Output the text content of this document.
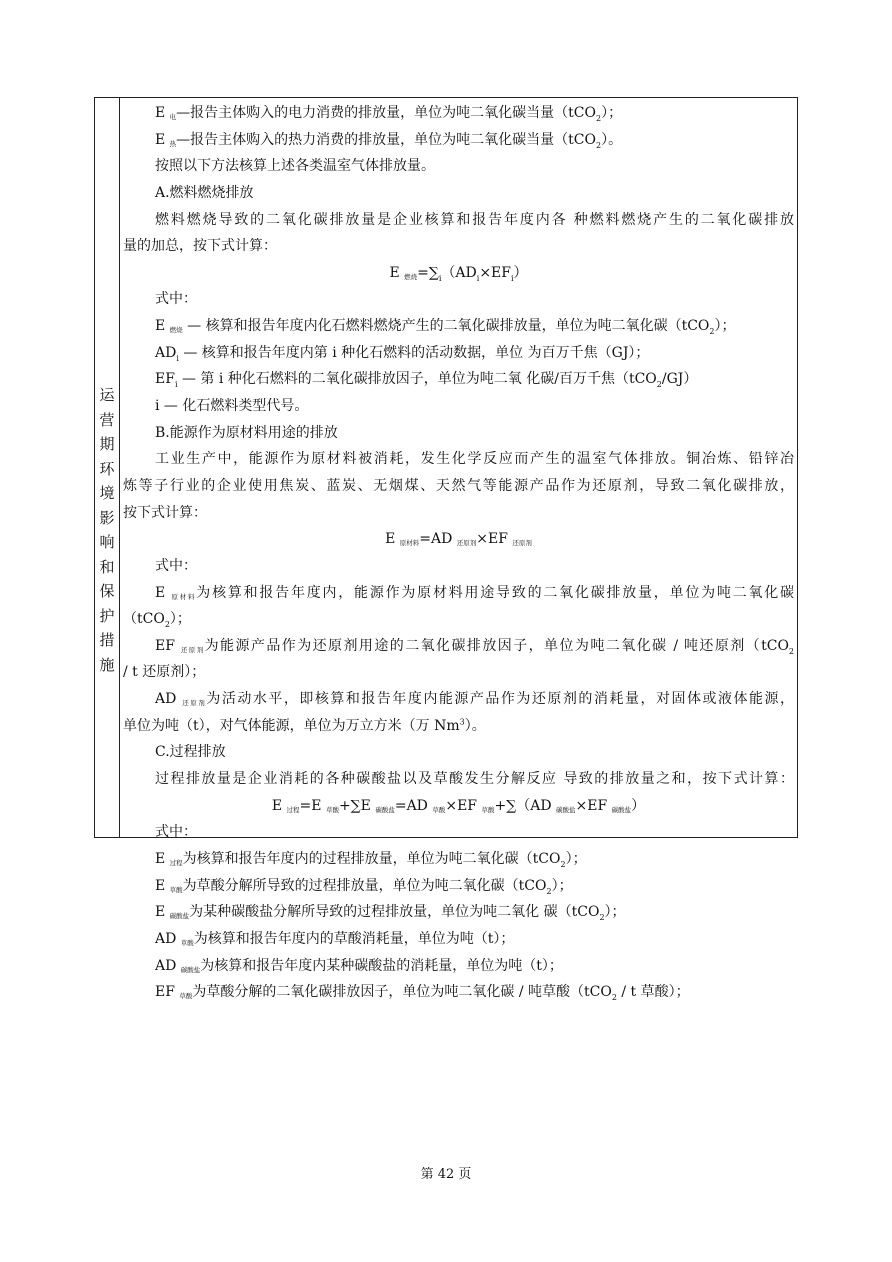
运
营
期
环
境
影
响
和
保
护
措
施
E 电—报告主体购入的电力消费的排放量，单位为吨二氧化碳当量（tCO$_2$）；
E 热—报告主体购入的热力消费的排放量，单位为吨二氧化碳当量（tCO$_2$）。
按照以下方法核算上述各类温室气体排放量。
A.燃料燃烧排放
燃料燃烧导致的二氧化碳排放量是企业核算和报告年度内各 种燃料燃烧产生的二氧化碳排放
量的加总，按下式计算：
E 燃烧$=\sum_i(AD_i\times EF_i)$
式中：
E 燃烧 — 核算和报告年度内化石燃料燃烧产生的二氧化碳排放量，单位为吨二氧化碳（tCO$_2$）；
$AD_i$ — 核算和报告年度内第 i 种化石燃料的活动数据，单位 为百万千焦（GJ）；
$EF_i$ — 第 i 种化石燃料的二氧化碳排放因子，单位为吨二氧 化碳/百万千焦（tCO$_2$/GJ）
i — 化石燃料类型代号。
B.能源作为原材料用途的排放
工业生产中，能源作为原材料被消耗，发生化学反应而产生的温室气体排放。铜冶炼、铅锌冶
炼等子行业的企业使用焦炭、蓝炭、无烟煤、天然气等能源产品作为还原剂，导致二氧化碳排放，
按下式计算：
E 原材料=AD 还原剂×EF 还原剂
式中：
E 原材料为核算和报告年度内，能源作为原材料用途导致的二氧化碳排放量，单位为吨二氧化碳
（tCO$_2$）；
EF 还原剂为能源产品作为还原剂用途的二氧化碳排放因子，单位为吨二氧化碳 / 吨还原剂（tCO$_2$
/ t 还原剂）；
AD 还原剂为活动水平，即核算和报告年度内能源产品作为还原剂的消耗量，对固体或液体能源，
单位为吨（t），对气体能源，单位为万立方米（万 Nm$^3$）。
C.过程排放
过程排放量是企业消耗的各种碳酸盐以及草酸发生分解反应 导致的排放量之和，按下式计算：
E 过程=E 草酸+∑E 碳酸盐=AD 草酸×EF 草酸+∑（AD 碳酸盐×EF 碳酸盐）
式中：
E 过程为核算和报告年度内的过程排放量，单位为吨二氧化碳（tCO$_2$）；
E 草酸为草酸分解所导致的过程排放量，单位为吨二氧化碳（tCO$_2$）；
E 碳酸盐为某种碳酸盐分解所导致的过程排放量，单位为吨二氧化 碳（tCO$_2$）；
AD 草酸为核算和报告年度内的草酸消耗量，单位为吨（t）；
AD 碳酸盐为核算和报告年度内某种碳酸盐的消耗量，单位为吨（t）；
EF 草酸为草酸分解的二氧化碳排放因子，单位为吨二氧化碳 / 吨草酸（tCO$_2$ / t 草酸）；
第 42 页
